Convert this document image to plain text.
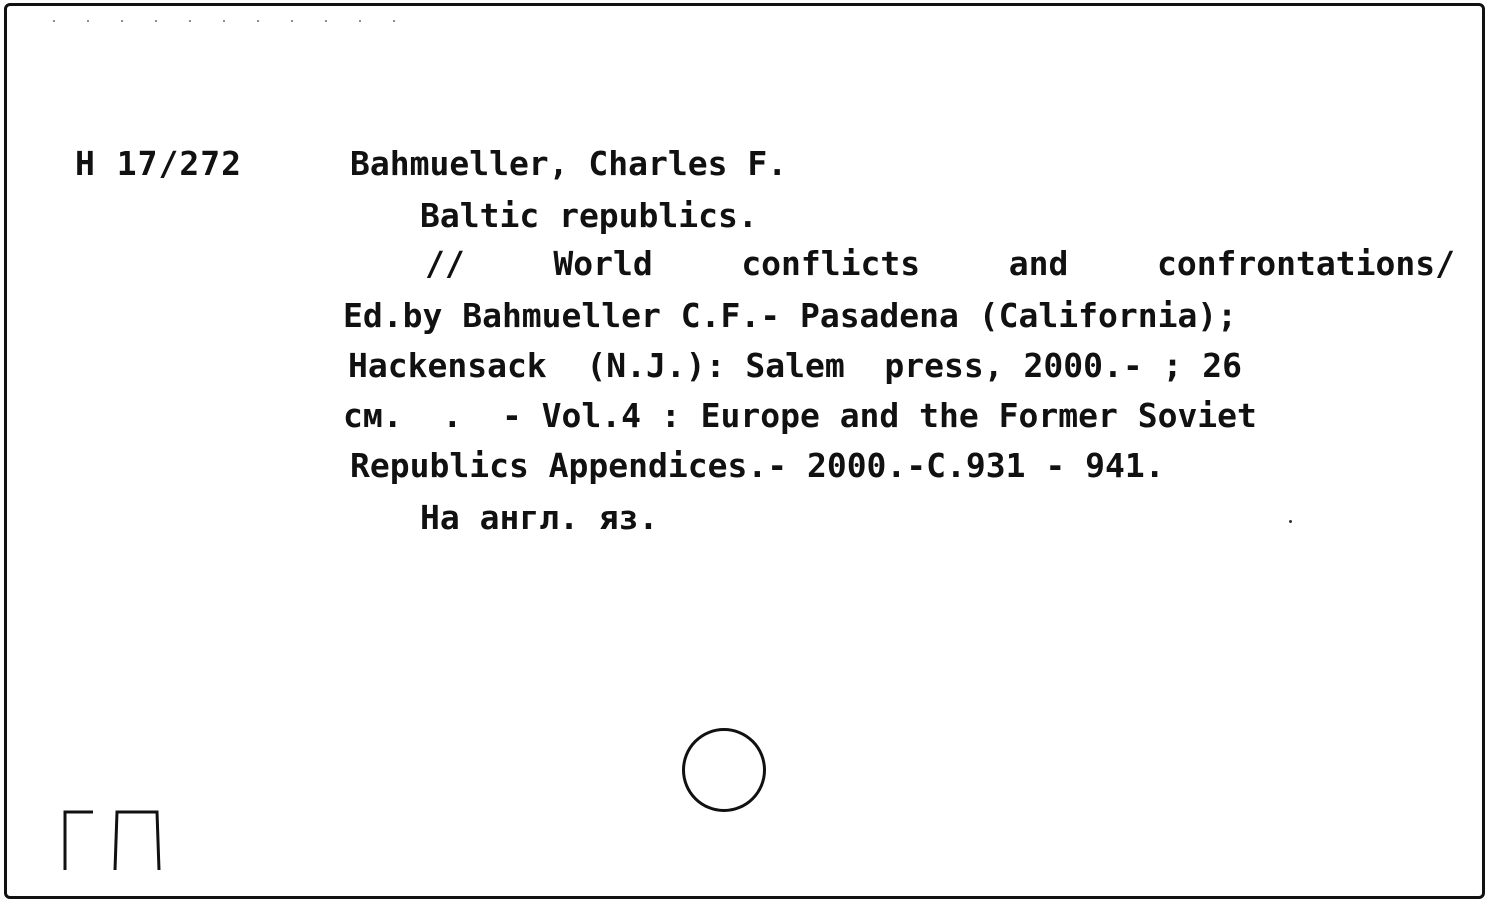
Н 17/272	Bahmueller, Charles F.
Baltic republics.
//	World	conflicts	and	confrontations/
Ed.by Bahmueller C.F.- Pasadena (California);
Hackensack  (N.J.): Salem  press, 2000.- ; 26
см.  .  - Vol.4 : Europe and the Former Soviet
Republics Appendices.- 2000.-C.931 - 941.
На англ. яз.
